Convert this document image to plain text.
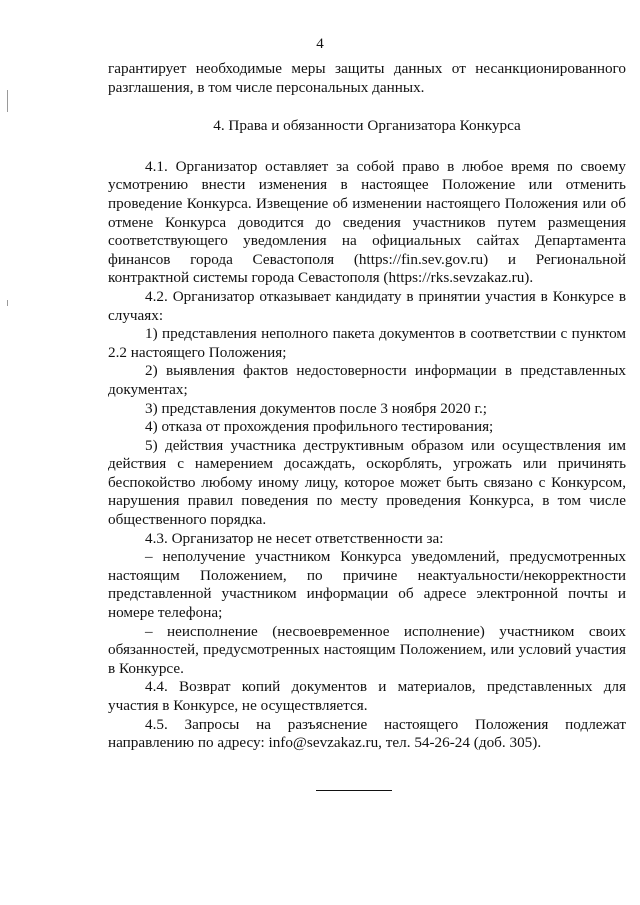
4

гарантирует необходимые меры защиты данных от несанкционированного разглашения, в том числе персональных данных.

4. Права и обязанности Организатора Конкурса

4.1. Организатор оставляет за собой право в любое время по своему усмотрению внести изменения в настоящее Положение или отменить проведение Конкурса. Извещение об изменении настоящего Положения или об отмене Конкурса доводится до сведения участников путем размещения соответствующего уведомления на официальных сайтах Департамента финансов города Севастополя (https://fin.sev.gov.ru) и Региональной контрактной системы города Севастополя (https://rks.sevzakaz.ru).

4.2. Организатор отказывает кандидату в принятии участия в Конкурсе в случаях:

1) представления неполного пакета документов в соответствии с пунктом 2.2 настоящего Положения;

2) выявления фактов недостоверности информации в представленных документах;

3) представления документов после 3 ноября 2020 г.;

4) отказа от прохождения профильного тестирования;

5) действия участника деструктивным образом или осуществления им действия с намерением досаждать, оскорблять, угрожать или причинять беспокойство любому иному лицу, которое может быть связано с Конкурсом, нарушения правил поведения по месту проведения Конкурса, в том числе общественного порядка.

4.3. Организатор не несет ответственности за:

– неполучение участником Конкурса уведомлений, предусмотренных настоящим Положением, по причине неактуальности/некорректности представленной участником информации об адресе электронной почты и номере телефона;

– неисполнение (несвоевременное исполнение) участником своих обязанностей, предусмотренных настоящим Положением, или условий участия в Конкурсе.

4.4. Возврат копий документов и материалов, представленных для участия в Конкурсе, не осуществляется.

4.5. Запросы на разъяснение настоящего Положения подлежат направлению по адресу: info@sevzakaz.ru, тел. 54-26-24 (доб. 305).
